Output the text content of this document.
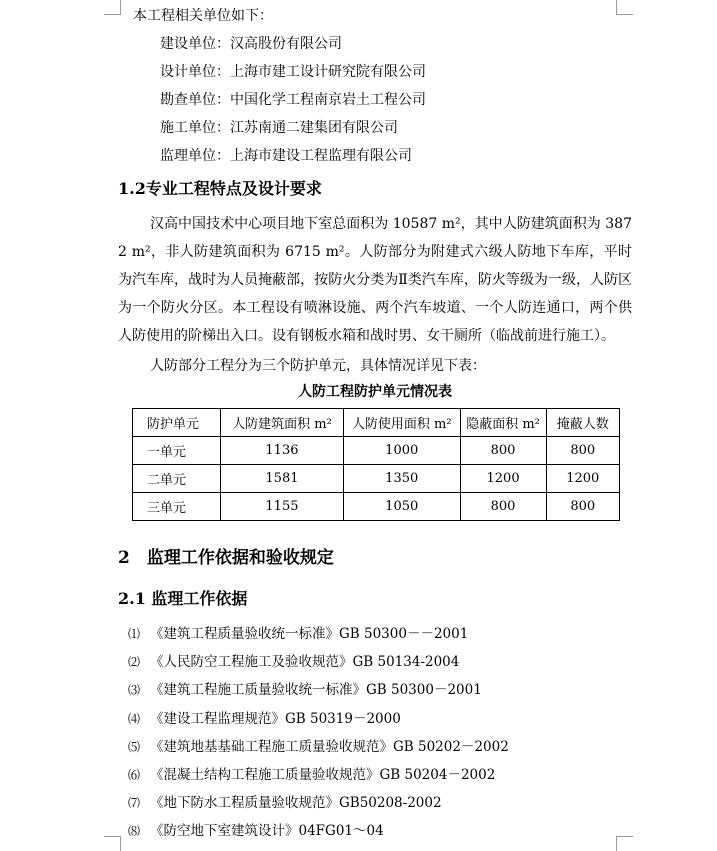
本工程相关单位如下：
建设单位：汉高股份有限公司
设计单位：上海市建工设计研究院有限公司
勘查单位：中国化学工程南京岩土工程公司
施工单位：江苏南通二建集团有限公司
监理单位：上海市建设工程监理有限公司
1.2专业工程特点及设计要求
汉高中国技术中心项目地下室总面积为 10587 m²，其中人防建筑面积为 3872 m²，非人防建筑面积为 6715 m²。人防部分为附建式六级人防地下车库，平时为汽车库，战时为人员掩蔽部，按防火分类为Ⅱ类汽车库，防火等级为一级，人防区为一个防火分区。本工程设有喷淋设施、两个汽车坡道、一个人防连通口，两个供人防使用的阶梯出入口。设有钢板水箱和战时男、女干厕所（临战前进行施工）。
人防部分工程分为三个防护单元，具体情况详见下表：
人防工程防护单元情况表
防护单元	人防建筑面积 m²	人防使用面积 m²	隐蔽面积 m²	掩蔽人数
一单元	1136	1000	800	800
二单元	1581	1350	1200	1200
三单元	1155	1050	800	800
2　监理工作依据和验收规定
2.1 监理工作依据
⑴ 《建筑工程质量验收统一标准》GB 50300－－2001
⑵ 《人民防空工程施工及验收规范》GB 50134-2004
⑶ 《建筑工程施工质量验收统一标准》GB 50300－2001
⑷ 《建设工程监理规范》GB 50319－2000
⑸ 《建筑地基基础工程施工质量验收规范》GB 50202－2002
⑹ 《混凝土结构工程施工质量验收规范》GB 50204－2002
⑺ 《地下防水工程质量验收规范》GB50208-2002
⑻ 《防空地下室建筑设计》04FG01～04
